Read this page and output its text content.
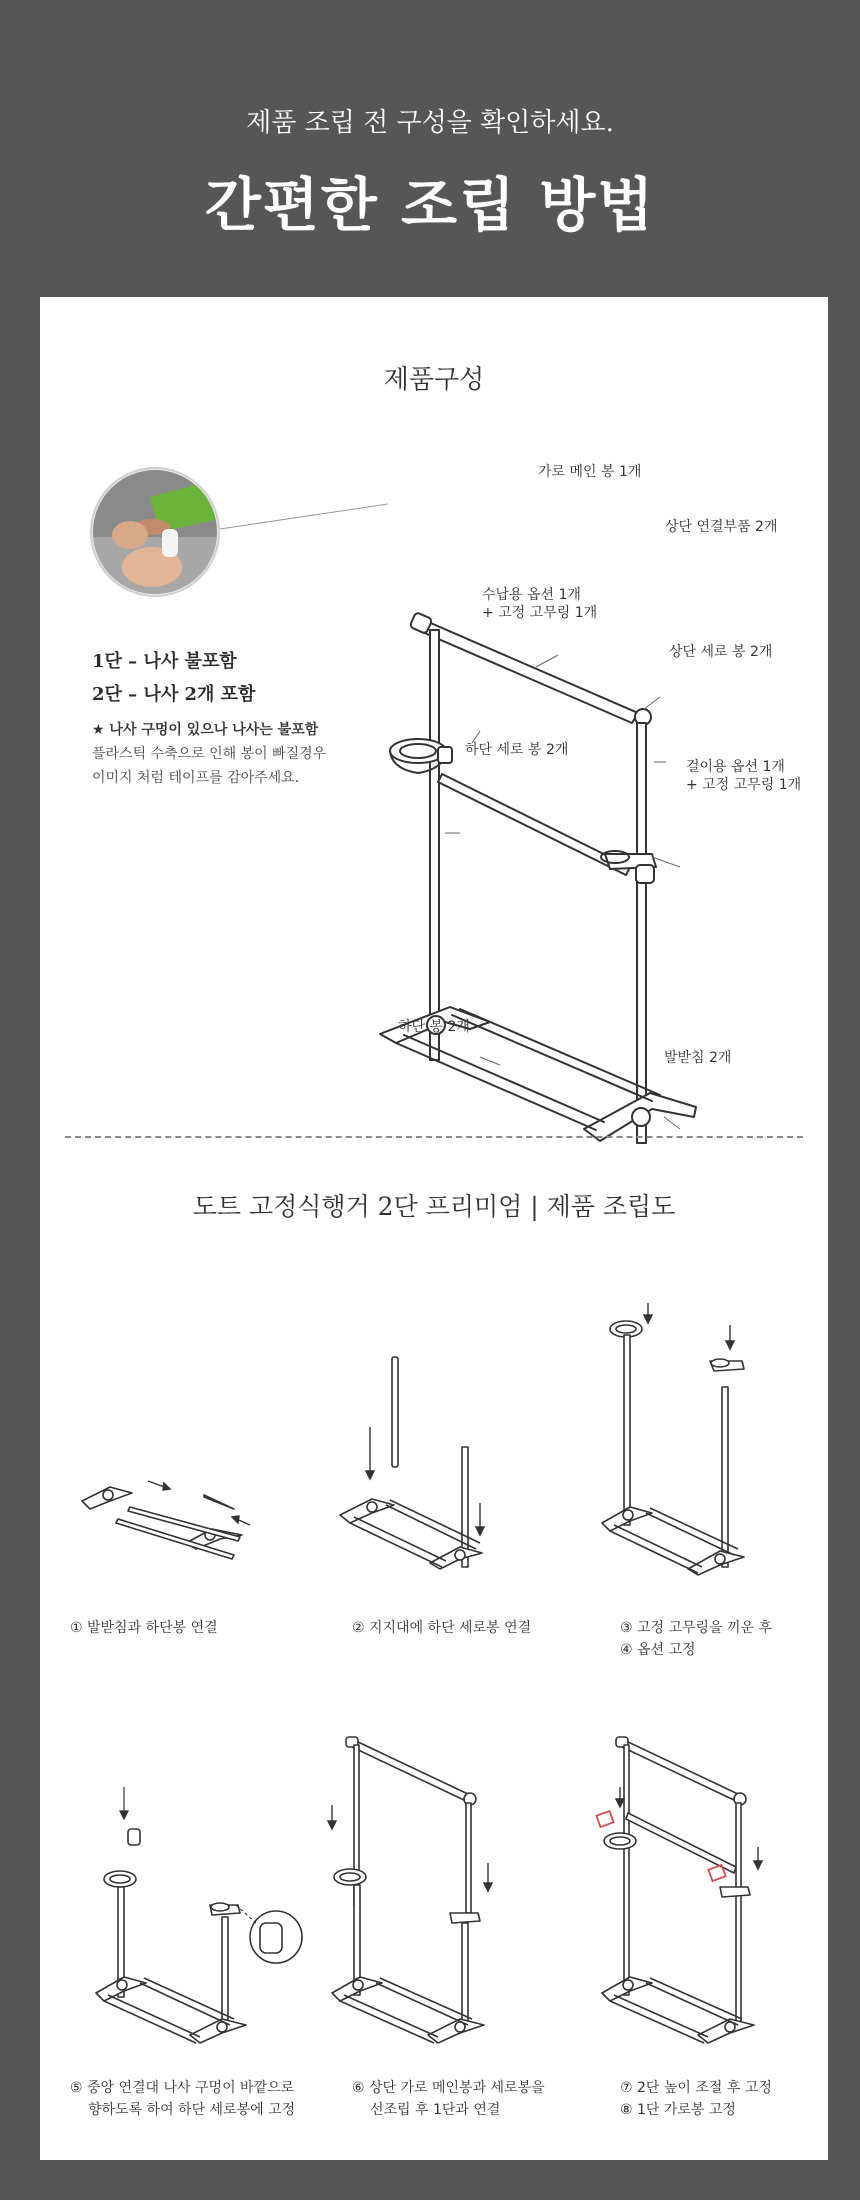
제품 조립 전 구성을 확인하세요.
간편한 조립 방법
제품구성
1단 – 나사 불포함
2단 – 나사 2개 포함
★ 나사 구멍이 있으나 나사는 불포함
플라스틱 수축으로 인해 봉이 빠질경우
이미지 처럼 테이프를 감아주세요.
가로 메인 봉 1개
상단 연결부품 2개
수납용 옵션 1개
+ 고정 고무링 1개
상단 세로 봉 2개
하단 세로 봉 2개
걸이용 옵션 1개
+ 고정 고무링 1개
하단 봉 2개
발받침 2개
도트 고정식행거 2단 프리미엄 | 제품 조립도
① 발받침과 하단봉 연결	② 지지대에 하단 세로봉 연결	③ 고정 고무링을 끼운 후
④ 옵션 고정
⑤ 중앙 연결대 나사 구멍이 바깥으로
향하도록 하여 하단 세로봉에 고정
⑥ 상단 가로 메인봉과 세로봉을
선조립 후 1단과 연결
⑦ 2단 높이 조절 후 고정
⑧ 1단 가로봉 고정
